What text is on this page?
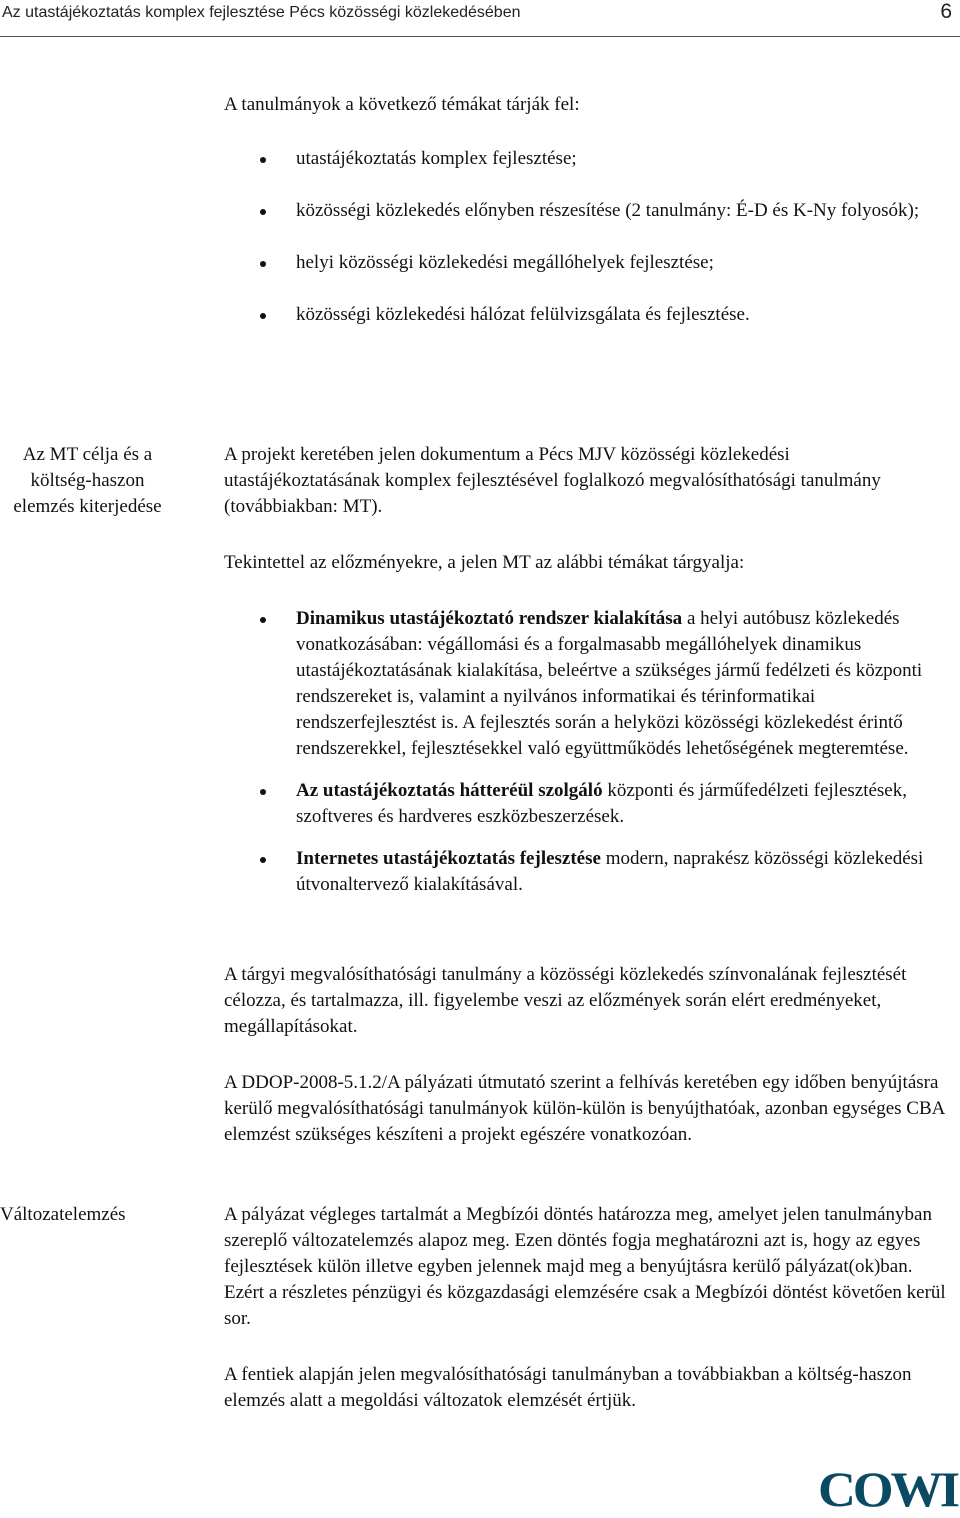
Az utastájékoztatás komplex fejlesztése Pécs közösségi közlekedésében	6

A tanulmányok a következő témákat tárják fel:

utastájékoztatás komplex fejlesztése;
közösségi közlekedés előnyben részesítése (2 tanulmány: É-D és K-Ny folyosók);
helyi közösségi közlekedési megállóhelyek fejlesztése;
közösségi közlekedési hálózat felülvizsgálata és fejlesztése.

Az MT célja és a költség-haszon elemzés kiterjedése

A projekt keretében jelen dokumentum a Pécs MJV közösségi közlekedési utastájékoztatásának komplex fejlesztésével foglalkozó megvalósíthatósági tanulmány (továbbiakban: MT).

Tekintettel az előzményekre, a jelen MT az alábbi témákat tárgyalja:

Dinamikus utastájékoztató rendszer kialakítása a helyi autóbusz közlekedés vonatkozásában: végállomási és a forgalmasabb megállóhelyek dinamikus utastájékoztatásának kialakítása, beleértve a szükséges jármű fedélzeti és központi rendszereket is, valamint a nyilvános informatikai és térinformatikai rendszerfejlesztést is. A fejlesztés során a helyközi közösségi közlekedést érintő rendszerekkel, fejlesztésekkel való együttműködés lehetőségének megteremtése.
Az utastájékoztatás hátteréül szolgáló központi és járműfedélzeti fejlesztések, szoftveres és hardveres eszközbeszerzések.
Internetes utastájékoztatás fejlesztése modern, naprakész közösségi közlekedési útvonaltervező kialakításával.

A tárgyi megvalósíthatósági tanulmány a közösségi közlekedés színvonalának fejlesztését célozza, és tartalmazza, ill. figyelembe veszi az előzmények során elért eredményeket, megállapításokat.

A DDOP-2008-5.1.2/A pályázati útmutató szerint a felhívás keretében egy időben benyújtásra kerülő megvalósíthatósági tanulmányok külön-külön is benyújthatóak, azonban egységes CBA elemzést szükséges készíteni a projekt egészére vonatkozóan.

Változatelemzés	A pályázat végleges tartalmát a Megbízói döntés határozza meg, amelyet jelen tanulmányban szereplő változatelemzés alapoz meg. Ezen döntés fogja meghatározni azt is, hogy az egyes fejlesztések külön illetve egyben jelennek majd meg a benyújtásra kerülő pályázat(ok)ban. Ezért a részletes pénzügyi és közgazdasági elemzésére csak a Megbízói döntést követően kerül sor.

A fentiek alapján jelen megvalósíthatósági tanulmányban a továbbiakban a költség-haszon elemzés alatt a megoldási változatok elemzését értjük.

COWI
